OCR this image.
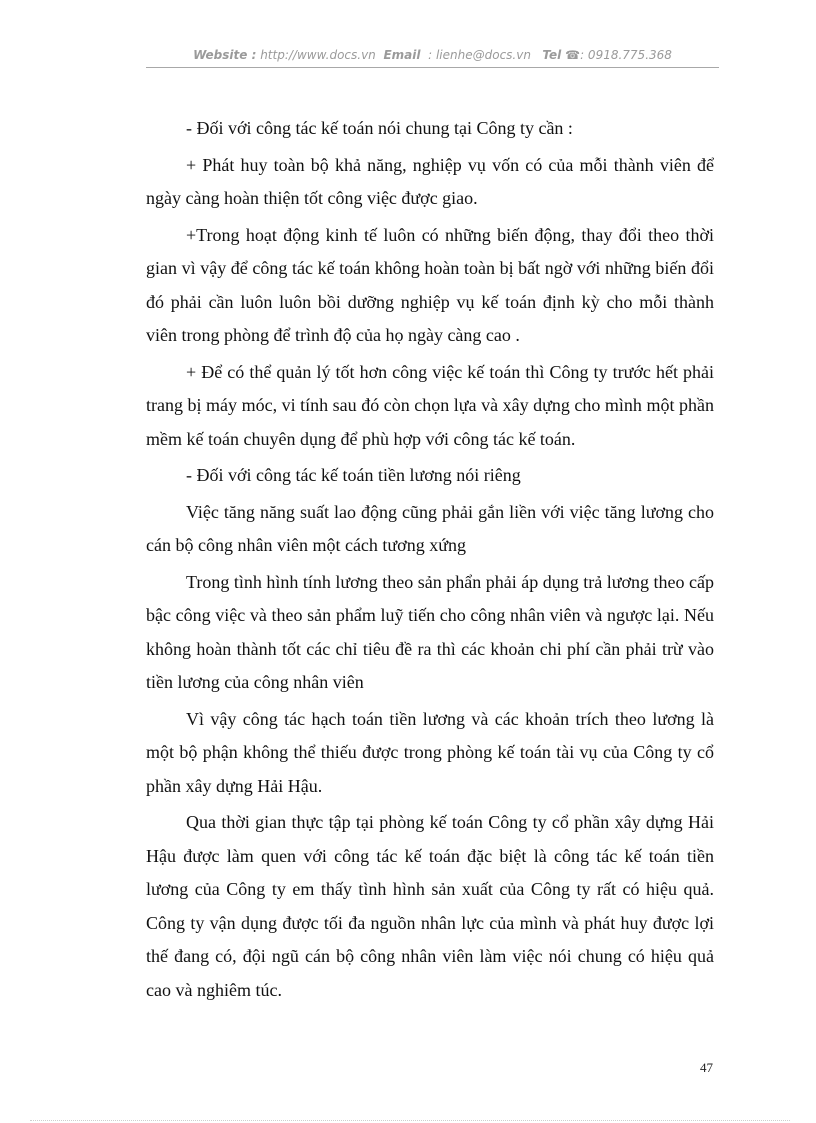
Website : http://www.docs.vn Email : lienhe@docs.vn Tel ☎: 0918.775.368

- Đối với công tác kế toán nói chung tại Công ty cần :

+ Phát huy toàn bộ khả năng, nghiệp vụ vốn có của mỗi thành viên để ngày càng hoàn thiện tốt công việc được giao.

+Trong hoạt động kinh tế luôn có những biến động, thay đổi theo thời gian vì vậy để công tác kế toán không hoàn toàn bị bất ngờ với những biến đổi đó phải cần luôn luôn bồi dưỡng nghiệp vụ kế toán định kỳ cho mỗi thành viên trong phòng để trình độ của họ ngày càng cao .

+ Để có thể quản lý tốt hơn công việc kế toán thì Công ty trước hết phải trang bị máy móc, vi tính sau đó còn chọn lựa và xây dựng cho mình một phần mềm kế toán chuyên dụng để phù hợp với công tác kế toán.

- Đối với công tác kế toán tiền lương nói riêng

Việc tăng năng suất lao động cũng phải gắn liền với việc tăng lương cho cán bộ công nhân viên một cách tương xứng

Trong tình hình tính lương theo sản phẩn phải áp dụng trả lương theo cấp bậc công việc và theo sản phẩm luỹ tiến cho công nhân viên và ngược lại. Nếu không hoàn thành tốt các chỉ tiêu đề ra thì các khoản chi phí cần phải trừ vào tiền lương của công nhân viên

Vì vậy công tác hạch toán tiền lương và các khoản trích theo lương là một bộ phận không thể thiếu được trong phòng kế toán tài vụ của Công ty cổ phần xây dựng Hải Hậu.

Qua thời gian thực tập tại phòng kế toán Công ty cổ phần xây dựng Hải Hậu được làm quen với công tác kế toán đặc biệt là công tác kế toán tiền lương của Công ty em thấy tình hình sản xuất của Công ty rất có hiệu quả. Công ty vận dụng được tối đa nguồn nhân lực của mình và phát huy được lợi thế đang có, đội ngũ cán bộ công nhân viên làm việc nói chung có hiệu quả cao và nghiêm túc.

47
